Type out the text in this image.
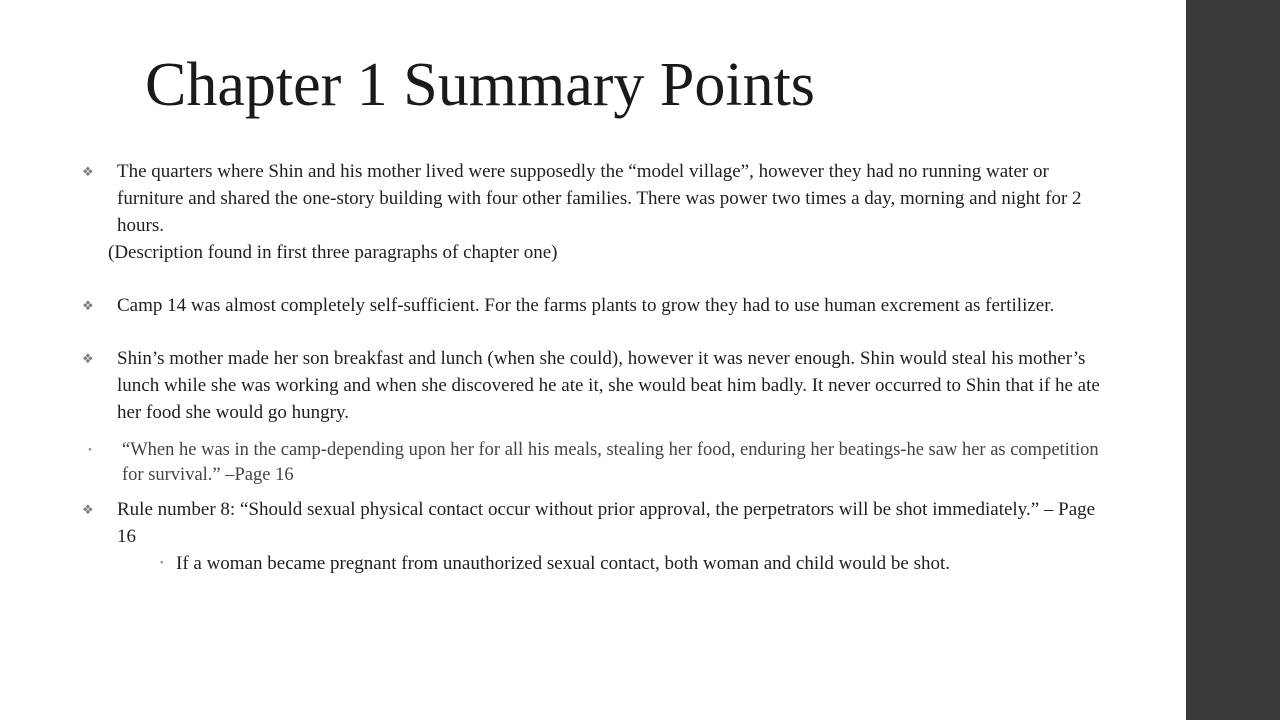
Chapter 1 Summary Points

❖ The quarters where Shin and his mother lived were supposedly the “model village”, however they had no running water or furniture and shared the one-story building with four other families. There was power two times a day, morning and night for 2 hours.

(Description found in first three paragraphs of chapter one)

❖ Camp 14 was almost completely self-sufficient. For the farms plants to grow they had to use human excrement as fertilizer.

❖ Shin’s mother made her son breakfast and lunch (when she could), however it was never enough. Shin would steal his mother’s lunch while she was working and when she discovered he ate it, she would beat him badly. It never occurred to Shin that if he ate her food she would go hungry.

• “When he was in the camp-depending upon her for all his meals, stealing her food, enduring her beatings-he saw her as competition for survival.” –Page 16

❖ Rule number 8: “Should sexual physical contact occur without prior approval, the perpetrators will be shot immediately.” – Page 16

• If a woman became pregnant from unauthorized sexual contact, both woman and child would be shot.
